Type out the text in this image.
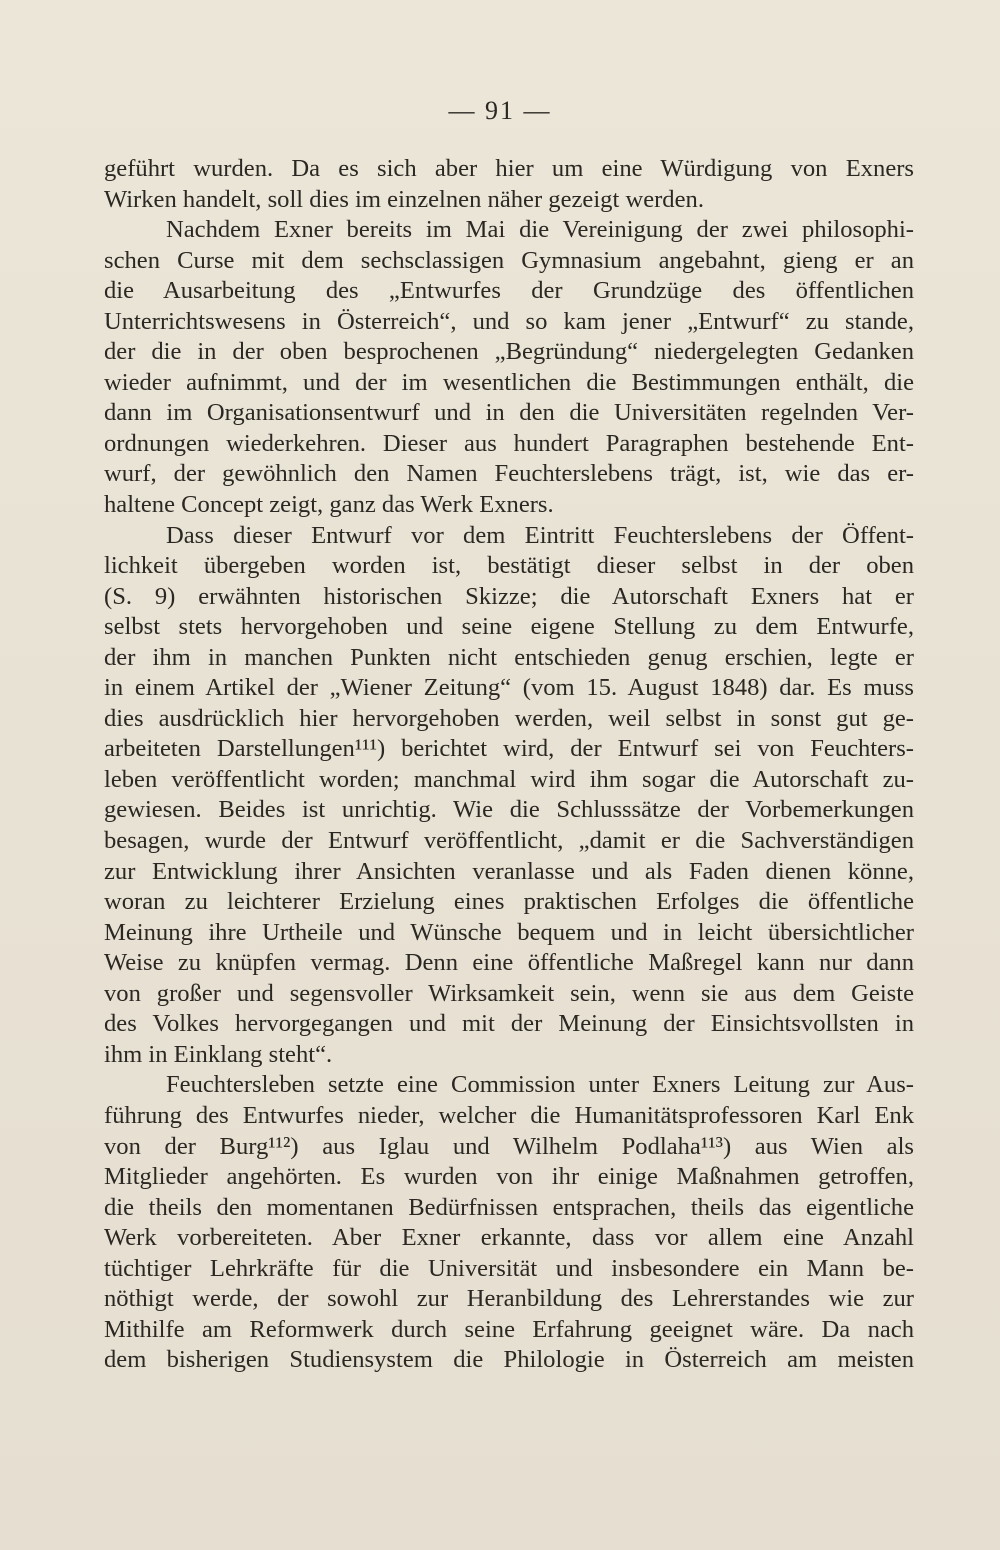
— 91 —
geführt wurden. Da es sich aber hier um eine Würdigung von Exners
Wirken handelt, soll dies im einzelnen näher gezeigt werden.
Nachdem Exner bereits im Mai die Vereinigung der zwei philosophi-
schen Curse mit dem sechsclassigen Gymnasium angebahnt, gieng er an
die Ausarbeitung des „Entwurfes der Grundzüge des öffentlichen
Unterrichtswesens in Österreich“, und so kam jener „Entwurf“ zu stande,
der die in der oben besprochenen „Begründung“ niedergelegten Gedanken
wieder aufnimmt, und der im wesentlichen die Bestimmungen enthält, die
dann im Organisationsentwurf und in den die Universitäten regelnden Ver-
ordnungen wiederkehren. Dieser aus hundert Paragraphen bestehende Ent-
wurf, der gewöhnlich den Namen Feuchterslebens trägt, ist, wie das er-
haltene Concept zeigt, ganz das Werk Exners.
Dass dieser Entwurf vor dem Eintritt Feuchterslebens der Öffent-
lichkeit übergeben worden ist, bestätigt dieser selbst in der oben
(S. 9) erwähnten historischen Skizze; die Autorschaft Exners hat er
selbst stets hervorgehoben und seine eigene Stellung zu dem Entwurfe,
der ihm in manchen Punkten nicht entschieden genug erschien, legte er
in einem Artikel der „Wiener Zeitung“ (vom 15. August 1848) dar. Es muss
dies ausdrücklich hier hervorgehoben werden, weil selbst in sonst gut ge-
arbeiteten Darstellungen¹¹¹) berichtet wird, der Entwurf sei von Feuchters-
leben veröffentlicht worden; manchmal wird ihm sogar die Autorschaft zu-
gewiesen. Beides ist unrichtig. Wie die Schlusssätze der Vorbemerkungen
besagen, wurde der Entwurf veröffentlicht, „damit er die Sachverständigen
zur Entwicklung ihrer Ansichten veranlasse und als Faden dienen könne,
woran zu leichterer Erzielung eines praktischen Erfolges die öffentliche
Meinung ihre Urtheile und Wünsche bequem und in leicht übersichtlicher
Weise zu knüpfen vermag. Denn eine öffentliche Maßregel kann nur dann
von großer und segensvoller Wirksamkeit sein, wenn sie aus dem Geiste
des Volkes hervorgegangen und mit der Meinung der Einsichtsvollsten in
ihm in Einklang steht“.
Feuchtersleben setzte eine Commission unter Exners Leitung zur Aus-
führung des Entwurfes nieder, welcher die Humanitätsprofessoren Karl Enk
von der Burg¹¹²) aus Iglau und Wilhelm Podlaha¹¹³) aus Wien als
Mitglieder angehörten. Es wurden von ihr einige Maßnahmen getroffen,
die theils den momentanen Bedürfnissen entsprachen, theils das eigentliche
Werk vorbereiteten. Aber Exner erkannte, dass vor allem eine Anzahl
tüchtiger Lehrkräfte für die Universität und insbesondere ein Mann be-
nöthigt werde, der sowohl zur Heranbildung des Lehrerstandes wie zur
Mithilfe am Reformwerk durch seine Erfahrung geeignet wäre. Da nach
dem bisherigen Studiensystem die Philologie in Österreich am meisten
